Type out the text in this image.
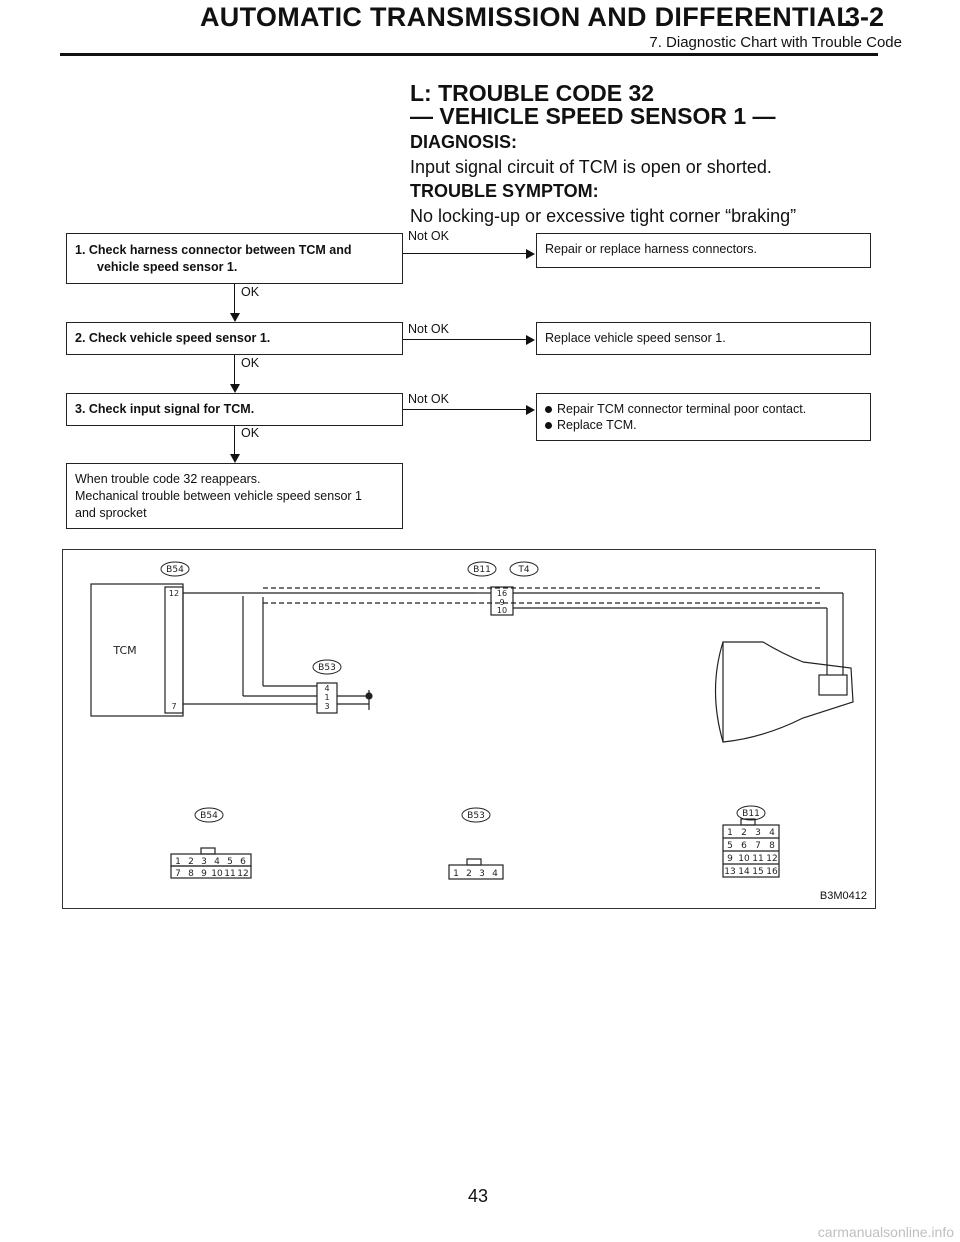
AUTOMATIC TRANSMISSION AND DIFFERENTIAL
3-2
7. Diagnostic Chart with Trouble Code
L: TROUBLE CODE 32
— VEHICLE SPEED SENSOR 1 —
DIAGNOSIS:
Input signal circuit of TCM is open or shorted.
TROUBLE SYMPTOM:
No locking-up or excessive tight corner “braking”
1. Check harness connector between TCM and
vehicle speed sensor 1.
Not OK
Repair or replace harness connectors.
OK
2. Check vehicle speed sensor 1.
Not OK
Replace vehicle speed sensor 1.
OK
3. Check input signal for TCM.
Not OK
Repair TCM connector terminal poor contact.
Replace TCM.
OK
When trouble code 32 reappears.
Mechanical trouble between vehicle speed sensor 1
and sprocket
B54	B11	T4
B53
B54	B53	B11
TCM
12
7
16
9
10
4
1
3
1 2 3 4 5 6
7 8 9 10 11 12	1 2 3 4
1 2 3 4
5 6 7 8
9 10 11 12
13 14 15 16
B3M0412
43
carmanualsonline.info
